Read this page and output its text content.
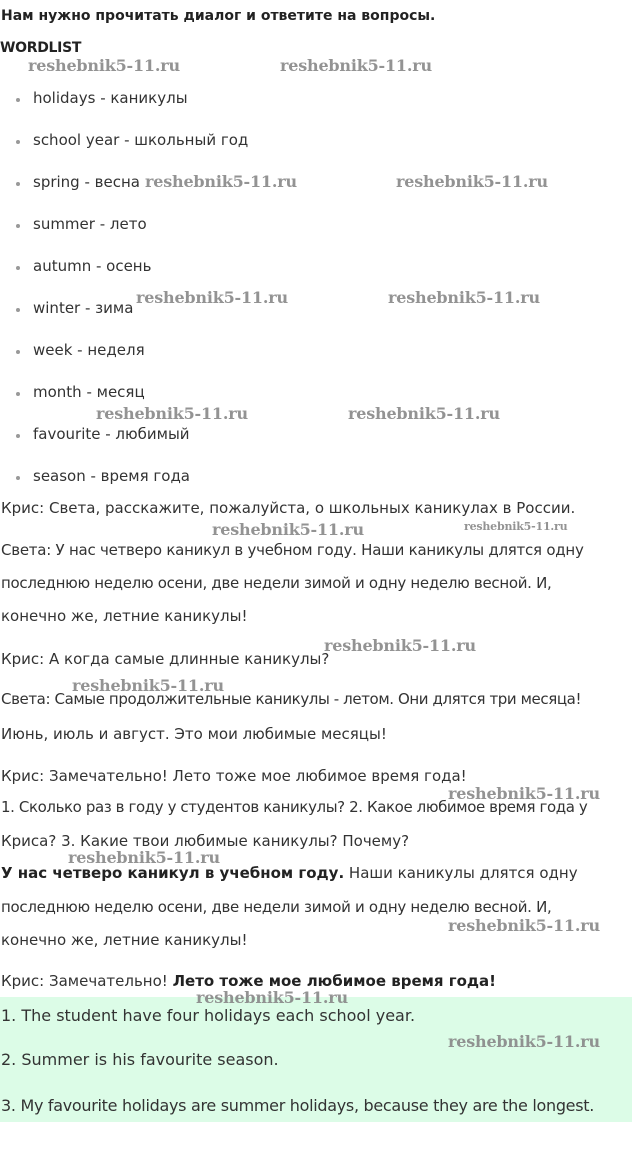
Нам нужно прочитать диалог и ответите на вопросы.
WORDLIST
holidays - каникулы
school year - школьный год
spring - весна
summer - лето
autumn - осень
winter - зима
week - неделя
month - месяц
favourite - любимый
season - время года
Крис: Света, расскажите, пожалуйста, о школьных каникулах в России.
Света: У нас четверо каникул в учебном году. Наши каникулы длятся одну
последнюю неделю осени, две недели зимой и одну неделю весной. И,
конечно же, летние каникулы!
Крис: А когда самые длинные каникулы?
Света: Самые продолжительные каникулы - летом. Они длятся три месяца!
Июнь, июль и август. Это мои любимые месяцы!
Крис: Замечательно! Лето тоже мое любимое время года!
1. Сколько раз в году у студентов каникулы? 2. Какое любимое время года у
Криса? 3. Какие твои любимые каникулы? Почему?
У нас четверо каникул в учебном году. Наши каникулы длятся одну
последнюю неделю осени, две недели зимой и одну неделю весной. И,
конечно же, летние каникулы!
Крис: Замечательно! Лето тоже мое любимое время года!
1. The student have four holidays each school year.
2. Summer is his favourite season.
3. My favourite holidays are summer holidays, because they are the longest.
reshebnik5-11.ru	reshebnik5-11.ru
reshebnik5-11.ru	reshebnik5-11.ru
reshebnik5-11.ru	reshebnik5-11.ru
reshebnik5-11.ru	reshebnik5-11.ru
reshebnik5-11.ru	reshebnik5-11.ru
reshebnik5-11.ru
reshebnik5-11.ru
reshebnik5-11.ru
reshebnik5-11.ru
reshebnik5-11.ru
reshebnik5-11.ru
reshebnik5-11.ru
